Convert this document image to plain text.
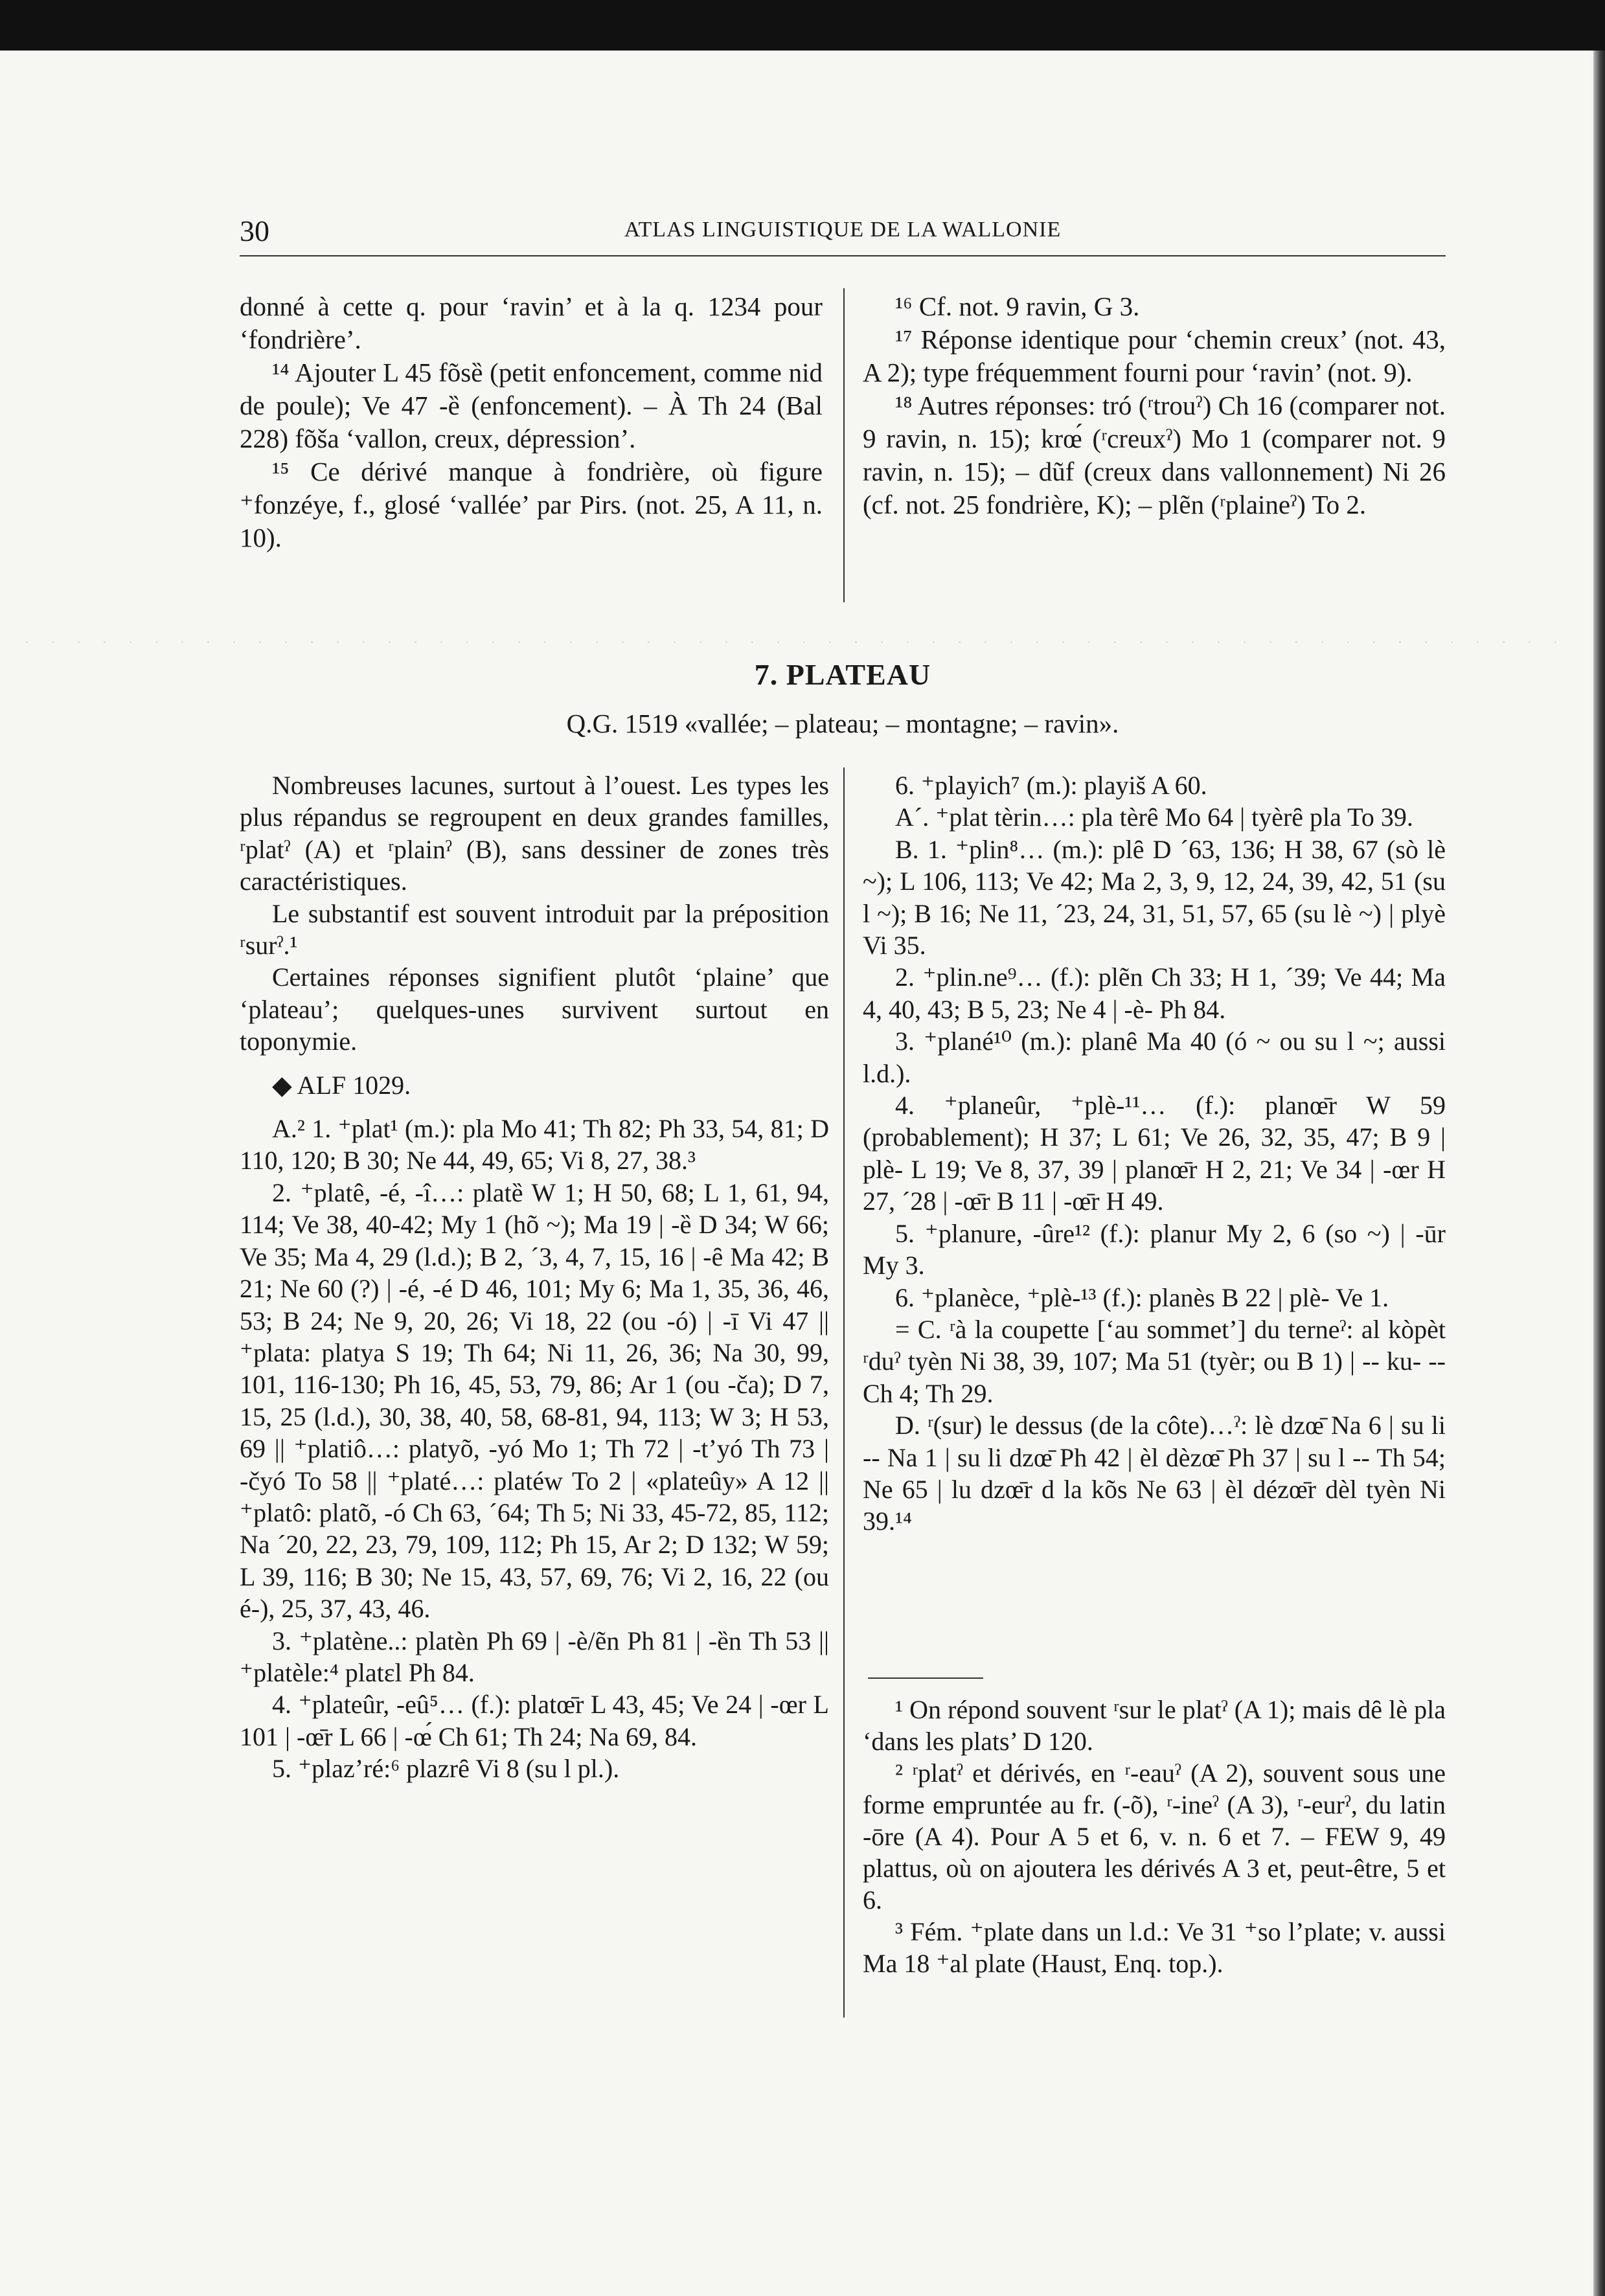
30	ATLAS LINGUISTIQUE DE LA WALLONIE

donné à cette q. pour ‘ravin’ et à la q. 1234 pour ‘fondrière’.

¹⁴ Ajouter L 45 fõsȅ (petit enfoncement, comme nid de poule); Ve 47 -ȅ (enfoncement). – À Th 24 (Bal 228) fõša ‘vallon, creux, dépression’.

¹⁵ Ce dérivé manque à fondrière, où figure ⁺fonzéye, f., glosé ‘vallée’ par Pirs. (not. 25, A 11, n. 10).

¹⁶ Cf. not. 9 ravin, G 3.

¹⁷ Réponse identique pour ‘chemin creux’ (not. 43, A 2); type fréquemment fourni pour ‘ravin’ (not. 9).

¹⁸ Autres réponses: tró (ʳtrouˀ) Ch 16 (comparer not. 9 ravin, n. 15); krœ́ (ʳcreuxˀ) Mo 1 (comparer not. 9 ravin, n. 15); – dũf (creux dans vallonnement) Ni 26 (cf. not. 25 fondrière, K); – plẽn (ʳplaineˀ) To 2.

7. PLATEAU
Q.G. 1519 «vallée; – plateau; – montagne; – ravin».

Nombreuses lacunes, surtout à l’ouest. Les types les plus répandus se regroupent en deux grandes familles, ʳplatˀ (A) et ʳplainˀ (B), sans dessiner de zones très caractéristiques.

Le substantif est souvent introduit par la préposition ʳsurˀ.¹

Certaines réponses signifient plutôt ‘plaine’ que ‘plateau’; quelques-unes survivent surtout en toponymie.

◆ ALF 1029.

A.² 1. ⁺plat¹ (m.): pla Mo 41; Th 82; Ph 33, 54, 81; D 110, 120; B 30; Ne 44, 49, 65; Vi 8, 27, 38.³

2. ⁺platê, -é, -î…: platȅ W 1; H 50, 68; L 1, 61, 94, 114; Ve 38, 40-42; My 1 (hõ ~); Ma 19 | -ȅ D 34; W 66; Ve 35; Ma 4, 29 (l.d.); B 2, ´3, 4, 7, 15, 16 | -ȇ Ma 42; B 21; Ne 60 (?) | -é, -é D 46, 101; My 6; Ma 1, 35, 36, 46, 53; B 24; Ne 9, 20, 26; Vi 18, 22 (ou -ó) | -ī Vi 47 || ⁺plata: platya S 19; Th 64; Ni 11, 26, 36; Na 30, 99, 101, 116-130; Ph 16, 45, 53, 79, 86; Ar 1 (ou -ča); D 7, 15, 25 (l.d.), 30, 38, 40, 58, 68-81, 94, 113; W 3; H 53, 69 || ⁺platiô…: platyõ, -yó Mo 1; Th 72 | -t’yó Th 73 | -čyó To 58 || ⁺platé…: platéw To 2 | «plateûy» A 12 || ⁺platô: platõ, -ó Ch 63, ´64; Th 5; Ni 33, 45-72, 85, 112; Na ´20, 22, 23, 79, 109, 112; Ph 15, Ar 2; D 132; W 59; L 39, 116; B 30; Ne 15, 43, 57, 69, 76; Vi 2, 16, 22 (ou é-), 25, 37, 43, 46.

3. ⁺platène..: platèn Ph 69 | -è/ẽn Ph 81 | -ȅn Th 53 || ⁺platèle:⁴ platɛl Ph 84.

4. ⁺plateûr, -eû⁵… (f.): platœ̄r L 43, 45; Ve 24 | -œr L 101 | -œ̄r L 66 | -œ́ Ch 61; Th 24; Na 69, 84.

5. ⁺plaz’ré:⁶ plazrȇ Vi 8 (su l pl.).

6. ⁺playich⁷ (m.): playiš A 60.

A´. ⁺plat tèrin…: pla tèrȇ Mo 64 | tyèrȇ pla To 39.

B. 1. ⁺plin⁸… (m.): plȇ D ´63, 136; H 38, 67 (sò lè ~); L 106, 113; Ve 42; Ma 2, 3, 9, 12, 24, 39, 42, 51 (su l ~); B 16; Ne 11, ´23, 24, 31, 51, 57, 65 (su lè ~) | plyè Vi 35.

2. ⁺plin.ne⁹… (f.): plẽn Ch 33; H 1, ´39; Ve 44; Ma 4, 40, 43; B 5, 23; Ne 4 | -è- Ph 84.

3. ⁺plané¹⁰ (m.): planȇ Ma 40 (ó ~ ou su l ~; aussi l.d.).

4. ⁺planeûr, ⁺plè-¹¹… (f.): planœ̄r W 59 (probablement); H 37; L 61; Ve 26, 32, 35, 47; B 9 | plè- L 19; Ve 8, 37, 39 | planœ̄r H 2, 21; Ve 34 | -œr H 27, ´28 | -œ̄r B 11 | -œ̄r H 49.

5. ⁺planure, -ûre¹² (f.): planur My 2, 6 (so ~) | -ūr My 3.

6. ⁺planèce, ⁺plè-¹³ (f.): planès B 22 | plè- Ve 1.

= C. ʳà la coupette [‘au sommet’] du terneˀ: al kòpèt ʳduˀ tyèn Ni 38, 39, 107; Ma 51 (tyèr; ou B 1) | -- ku- -- Ch 4; Th 29.

D. ʳ(sur) le dessus (de la côte)…ˀ: lè dzœ̄ Na 6 | su li -- Na 1 | su li dzœ̄ Ph 42 | èl dèzœ̄ Ph 37 | su l -- Th 54; Ne 65 | lu dzœ̄r d la kõs Ne 63 | èl dézœ̄r dèl tyèn Ni 39.¹⁴

¹ On répond souvent ʳsur le platˀ (A 1); mais dȇ lè pla ‘dans les plats’ D 120.

² ʳplatˀ et dérivés, en ʳ-eauˀ (A 2), souvent sous une forme empruntée au fr. (-õ), ʳ-ineˀ (A 3), ʳ-eurˀ, du latin -ōre (A 4). Pour A 5 et 6, v. n. 6 et 7. – FEW 9, 49 plattus, où on ajoutera les dérivés A 3 et, peut-être, 5 et 6.

³ Fém. ⁺plate dans un l.d.: Ve 31 ⁺so l’plate; v. aussi Ma 18 ⁺al plate (Haust, Enq. top.).
